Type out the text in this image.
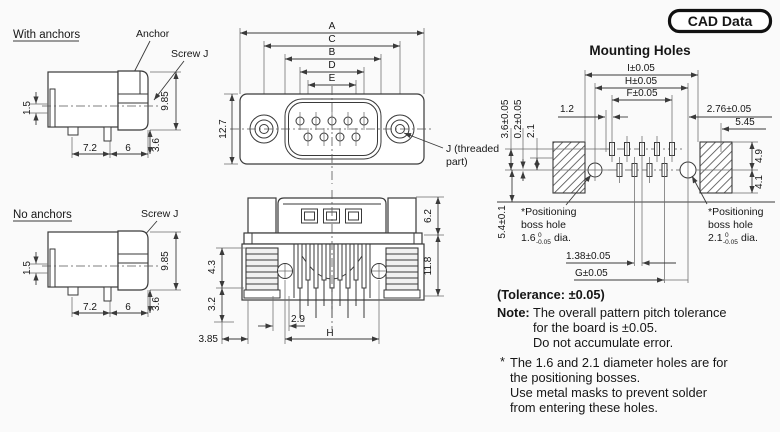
With anchors	Anchor
Screw J
1.5	9.85
3.6
7.2	6
No anchors	Screw J
1.5	9.85
3.6
7.2	6
A
C
B
D
E
12.7
J (threaded
part)
6.2
11.8
4.3
3.2
3.85
2.9
H
CAD Data
Mounting Holes
I±0.05
H±0.05
F±0.05
1.2	2.76±0.05
5.45
4.9
4.1
3.6±0.05 0.2±0.05 2.1
5.4±0.1
1.38±0.05
G±0.05
*Positioning
boss hole
1.6 0
-0.05 dia.
*Positioning
boss hole
2.1 0
-0.05 dia.
(Tolerance: ±0.05)
Note: The overall pattern pitch tolerance
for the board is ±0.05.
Do not accumulate error.
* The 1.6 and 2.1 diameter holes are for
the positioning bosses.
Use metal masks to prevent solder
from entering these holes.
